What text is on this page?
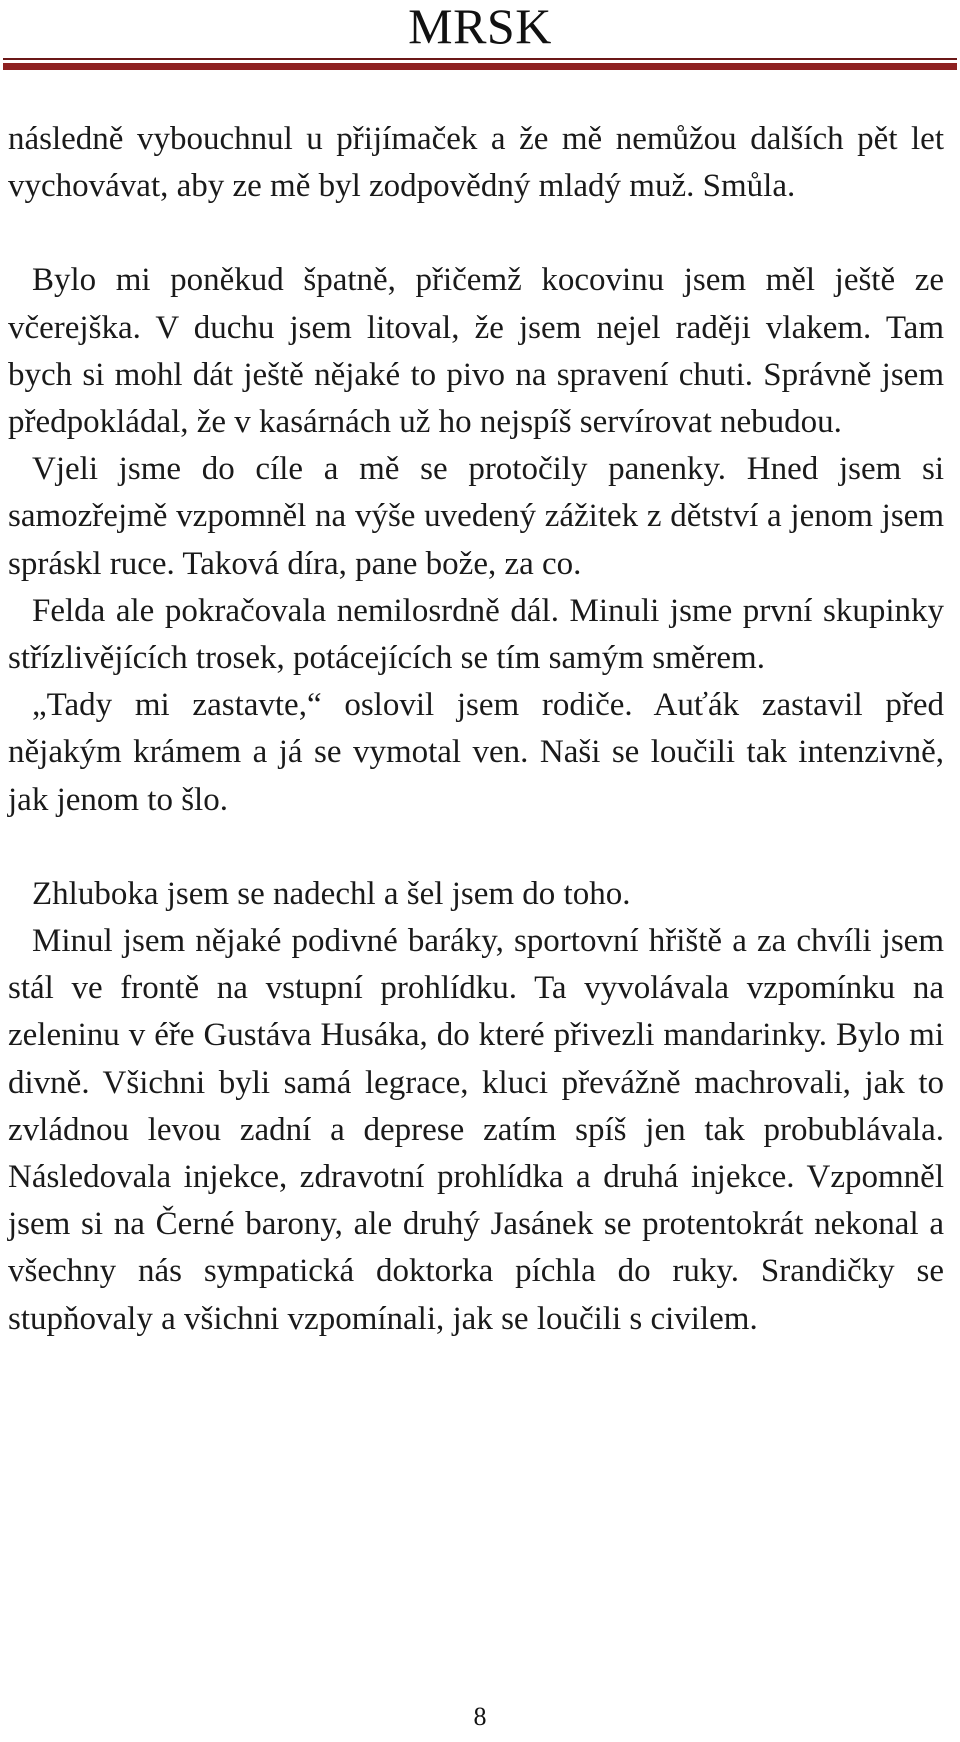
MRSK

následně vybouchnul u přijímaček a že mě nemůžou dalších pět let vychovávat, aby ze mě byl zodpovědný mladý muž. Smůla.

Bylo mi poněkud špatně, přičemž kocovinu jsem měl ještě ze včerejška. V duchu jsem litoval, že jsem nejel raději vlakem. Tam bych si mohl dát ještě nějaké to pivo na spravení chuti. Správně jsem předpokládal, že v kasárnách už ho nejspíš servírovat nebudou.

Vjeli jsme do cíle a mě se protočily panenky. Hned jsem si samozřejmě vzpomněl na výše uvedený zážitek z dětství a jenom jsem spráskl ruce. Taková díra, pane bože, za co.

Felda ale pokračovala nemilosrdně dál. Minuli jsme první skupinky střízlivějících trosek, potácejících se tím samým směrem.

„Tady mi zastavte,“ oslovil jsem rodiče. Auťák zastavil před nějakým krámem a já se vymotal ven. Naši se loučili tak intenzivně, jak jenom to šlo.

Zhluboka jsem se nadechl a šel jsem do toho.

Minul jsem nějaké podivné baráky, sportovní hřiště a za chvíli jsem stál ve frontě na vstupní prohlídku. Ta vyvolávala vzpomínku na zeleninu v éře Gustáva Husáka, do které přivezli mandarinky. Bylo mi divně. Všichni byli samá legrace, kluci převážně machrovali, jak to zvládnou levou zadní a deprese zatím spíš jen tak probublávala. Následovala injekce, zdravotní prohlídka a druhá injekce. Vzpomněl jsem si na Černé barony, ale druhý Jasánek se protentokrát nekonal a všechny nás sympatická doktorka píchla do ruky. Srandičky se stupňovaly a všichni vzpomínali, jak se loučili s civilem.

8
